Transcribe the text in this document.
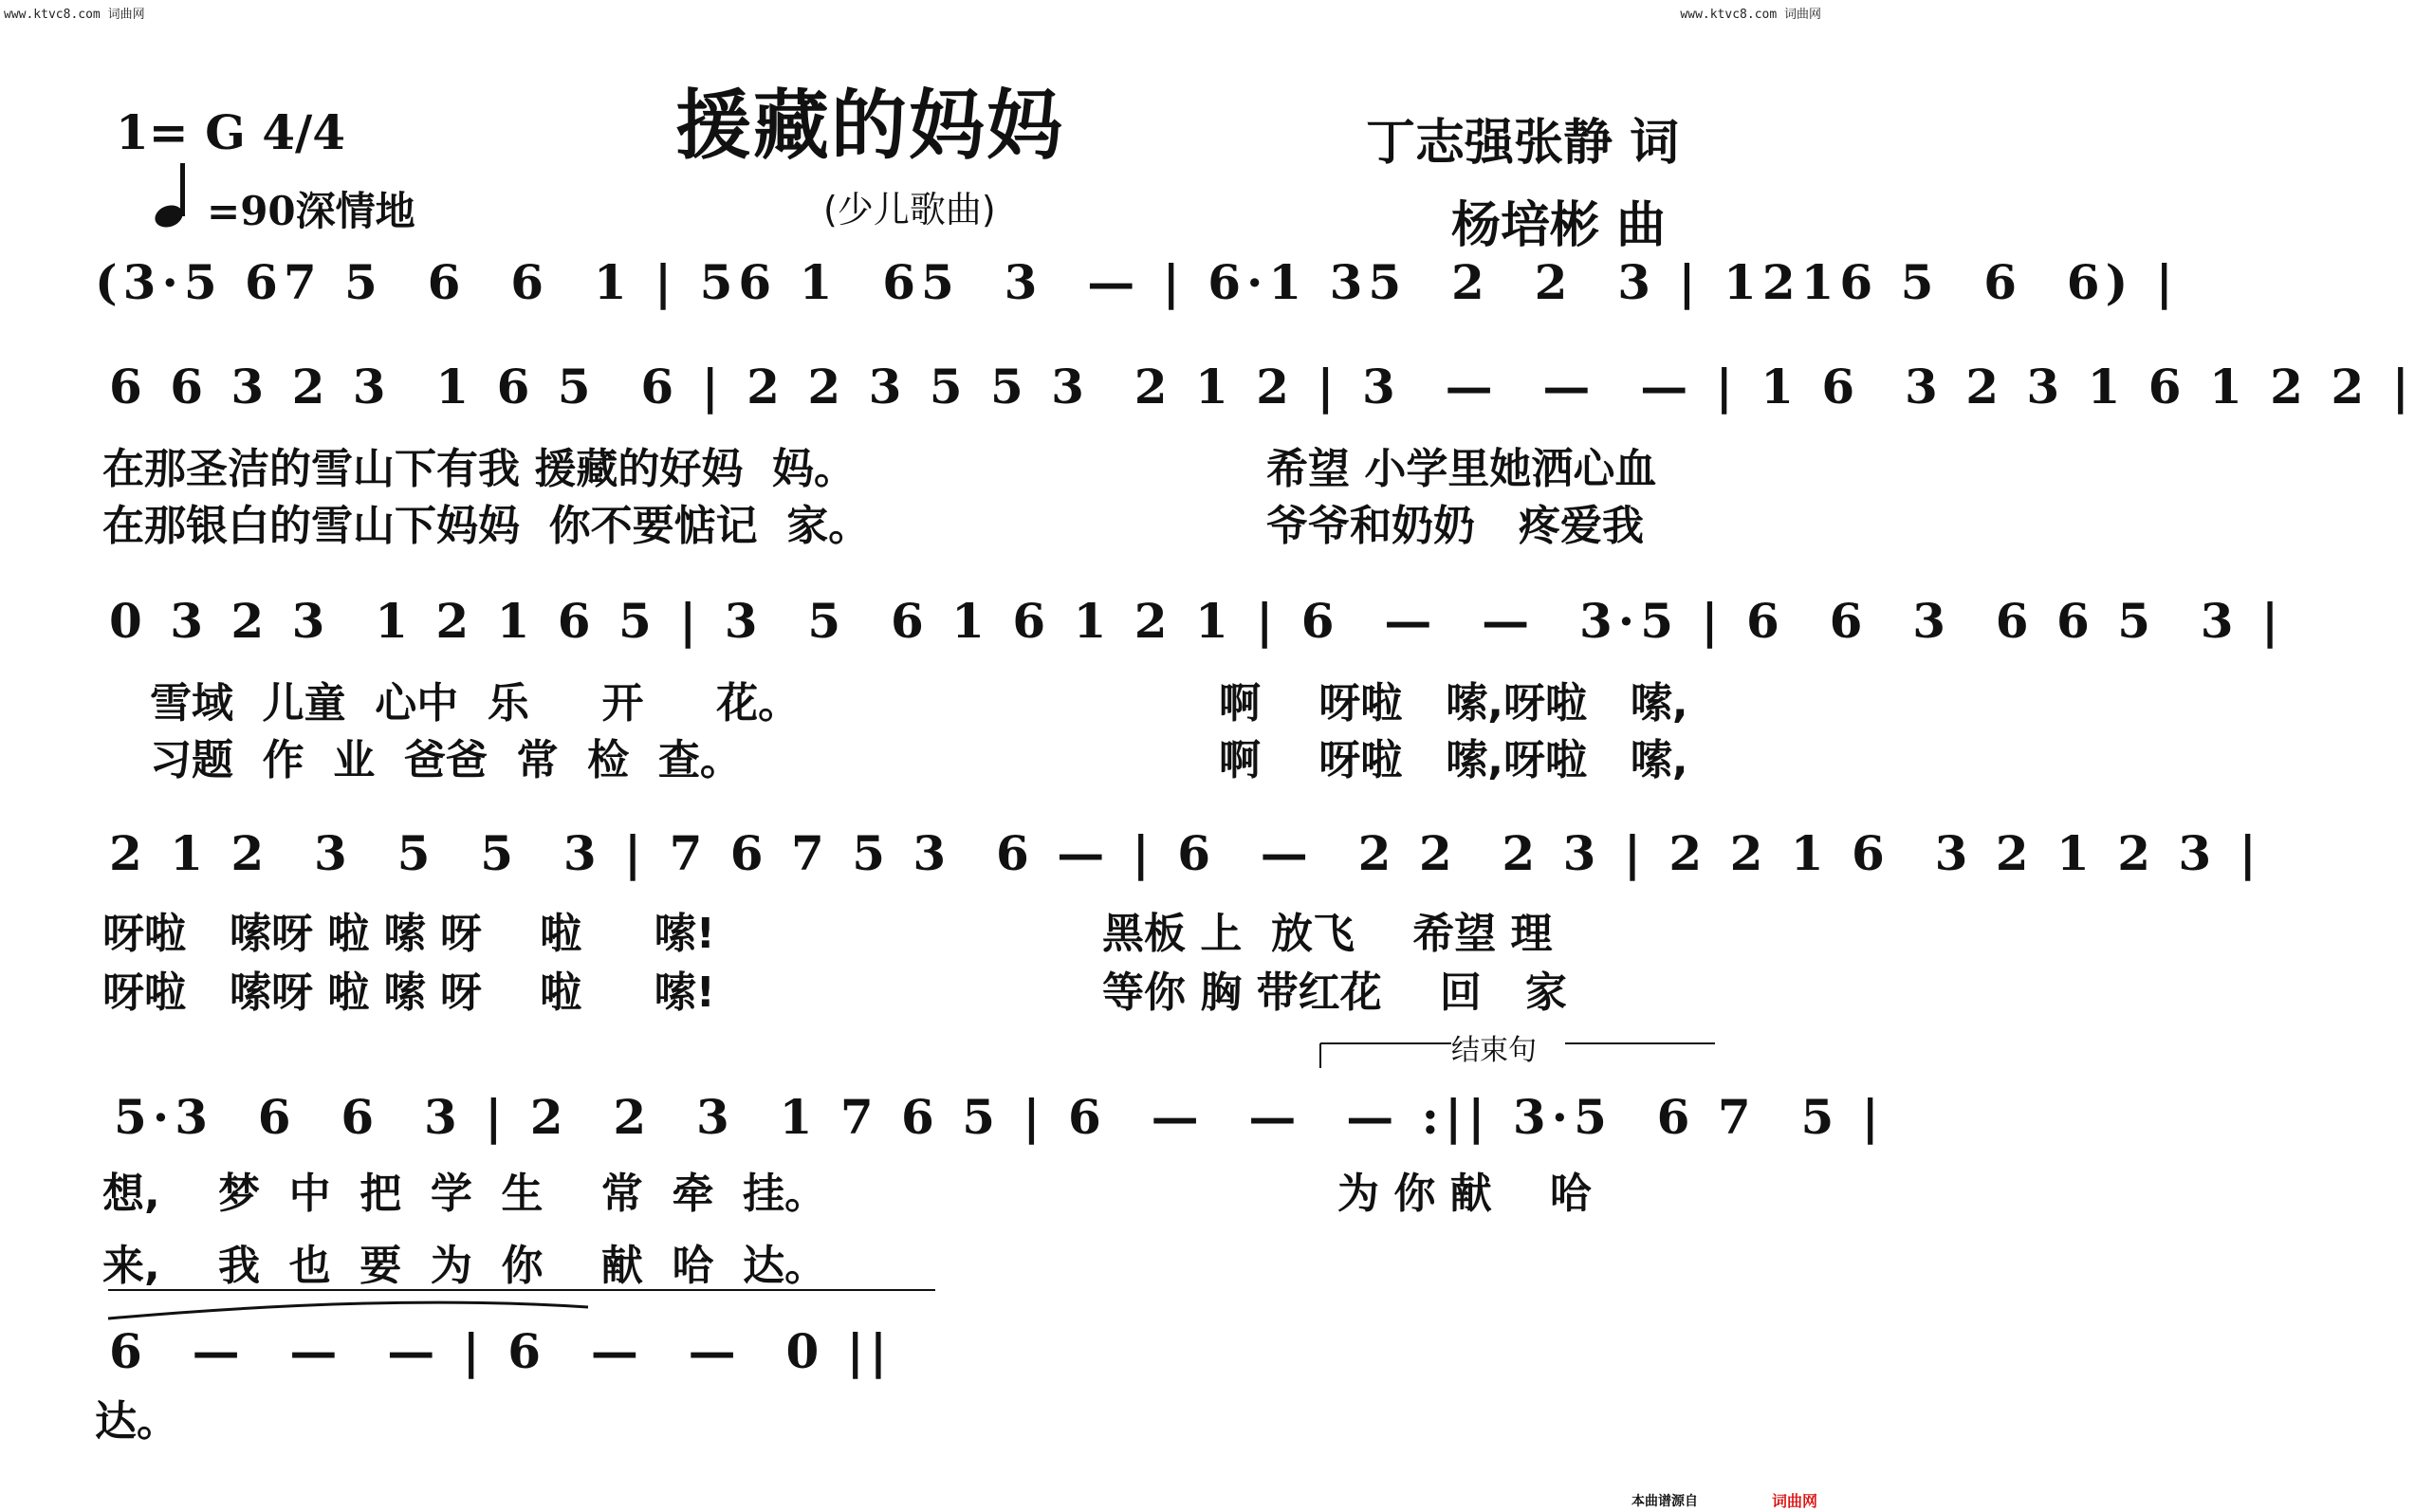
www.ktvc8.com 词曲网	www.ktvc8.com 词曲网
援藏的妈妈
(少儿歌曲)
1= G 4/4
=90深情地
丁志强张静 词
杨培彬 曲
(3·5 67 5  6  6  1 | 56 1  65  3  — | 6·1 35  2  2  3 | 1216 5  6  6) |
6 6 3 2 3  1 6 5  6 | 2 2 3 5 5 3  2 1 2 | 3  —  —  — | 1 6  3 2 3 1 6 1 2 2 |
在那圣洁的雪山下有我 援藏的好妈  妈。
在那银白的雪山下妈妈  你不要惦记  家。
希望 小学里她洒心血
爷爷和奶奶   疼爱我
0 3 2 3  1 2 1 6 5 | 3  5  6 1 6 1 2 1 | 6  —  —  3·5 | 6  6  3  6 6 5  3 |
雪域  儿童  心中  乐     开     花。
习题  作  业  爸爸  常  检  查。
啊    呀啦   嗦,呀啦   嗦,
啊    呀啦   嗦,呀啦   嗦,
2 1 2  3  5  5  3 | 7 6 7 5 3  6 — | 6  —  2 2  2 3 | 2 2 1 6  3 2 1 2 3 |
呀啦   嗦呀 啦 嗦 呀    啦     嗦!
呀啦   嗦呀 啦 嗦 呀    啦     嗦!
黑板 上  放飞    希望 理
等你 胸 带红花    回   家
结束句
5·3  6  6  3 | 2  2  3  1 7 6 5 | 6  —  —  — :|| 3·5  6 7  5 |
想,    梦  中  把  学  生    常  牵  挂。
来,    我  也  要  为  你    献  哈  达。
为 你 献    哈
6  —  —  — | 6  —  —  0 ||
达。
本曲谱源自	词曲网
